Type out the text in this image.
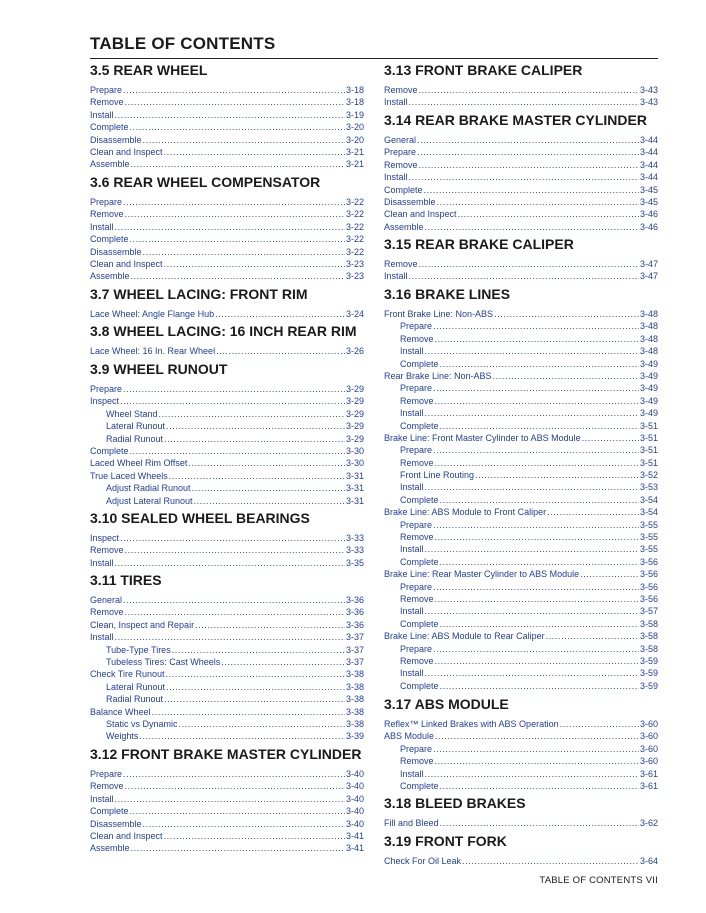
TABLE OF CONTENTS
3.5 REAR WHEEL
Prepare .....	3-18
Remove .....	3-18
Install .....	3-19
Complete .....	3-20
Disassemble .....	3-20
Clean and Inspect .....	3-21
Assemble .....	3-21
3.6 REAR WHEEL COMPENSATOR
Prepare .....	3-22
Remove .....	3-22
Install .....	3-22
Complete .....	3-22
Disassemble .....	3-22
Clean and Inspect .....	3-23
Assemble .....	3-23
3.7 WHEEL LACING: FRONT RIM
Lace Wheel: Angle Flange Hub .....	3-24
3.8 WHEEL LACING: 16 INCH REAR RIM
Lace Wheel: 16 In. Rear Wheel .....	3-26
3.9 WHEEL RUNOUT
Prepare .....	3-29
Inspect .....	3-29
Wheel Stand .....	3-29
Lateral Runout .....	3-29
Radial Runout .....	3-29
Complete .....	3-30
Laced Wheel Rim Offset .....	3-30
True Laced Wheels .....	3-31
Adjust Radial Runout .....	3-31
Adjust Lateral Runout .....	3-31
3.10 SEALED WHEEL BEARINGS
Inspect .....	3-33
Remove .....	3-33
Install .....	3-35
3.11 TIRES
General .....	3-36
Remove .....	3-36
Clean, Inspect and Repair .....	3-36
Install .....	3-37
Tube-Type Tires .....	3-37
Tubeless Tires: Cast Wheels .....	3-37
Check Tire Runout .....	3-38
Lateral Runout .....	3-38
Radial Runout .....	3-38
Balance Wheel .....	3-38
Static vs Dynamic .....	3-38
Weights .....	3-39
3.12 FRONT BRAKE MASTER CYLINDER
Prepare .....	3-40
Remove .....	3-40
Install .....	3-40
Complete .....	3-40
Disassemble .....	3-40
Clean and Inspect .....	3-41
Assemble .....	3-41
3.13 FRONT BRAKE CALIPER
Remove .....	3-43
Install .....	3-43
3.14 REAR BRAKE MASTER CYLINDER
General .....	3-44
Prepare .....	3-44
Remove .....	3-44
Install .....	3-44
Complete .....	3-45
Disassemble .....	3-45
Clean and Inspect .....	3-46
Assemble .....	3-46
3.15 REAR BRAKE CALIPER
Remove .....	3-47
Install .....	3-47
3.16 BRAKE LINES
Front Brake Line: Non-ABS .....	3-48
Prepare .....	3-48
Remove .....	3-48
Install .....	3-48
Complete .....	3-49
Rear Brake Line: Non-ABS .....	3-49
Prepare .....	3-49
Remove .....	3-49
Install .....	3-49
Complete .....	3-51
Brake Line: Front Master Cylinder to ABS Module .....	3-51
Prepare .....	3-51
Remove .....	3-51
Front Line Routing .....	3-52
Install .....	3-53
Complete .....	3-54
Brake Line: ABS Module to Front Caliper .....	3-54
Prepare .....	3-55
Remove .....	3-55
Install .....	3-55
Complete .....	3-56
Brake Line: Rear Master Cylinder to ABS Module .....	3-56
Prepare .....	3-56
Remove .....	3-56
Install .....	3-57
Complete .....	3-58
Brake Line: ABS Module to Rear Caliper .....	3-58
Prepare .....	3-58
Remove .....	3-59
Install .....	3-59
Complete .....	3-59
3.17 ABS MODULE
Reflex™ Linked Brakes with ABS Operation .....	3-60
ABS Module .....	3-60
Prepare .....	3-60
Remove .....	3-60
Install .....	3-61
Complete .....	3-61
3.18 BLEED BRAKES
Fill and Bleed .....	3-62
3.19 FRONT FORK
Check For Oil Leak .....	3-64
TABLE OF CONTENTS VII
